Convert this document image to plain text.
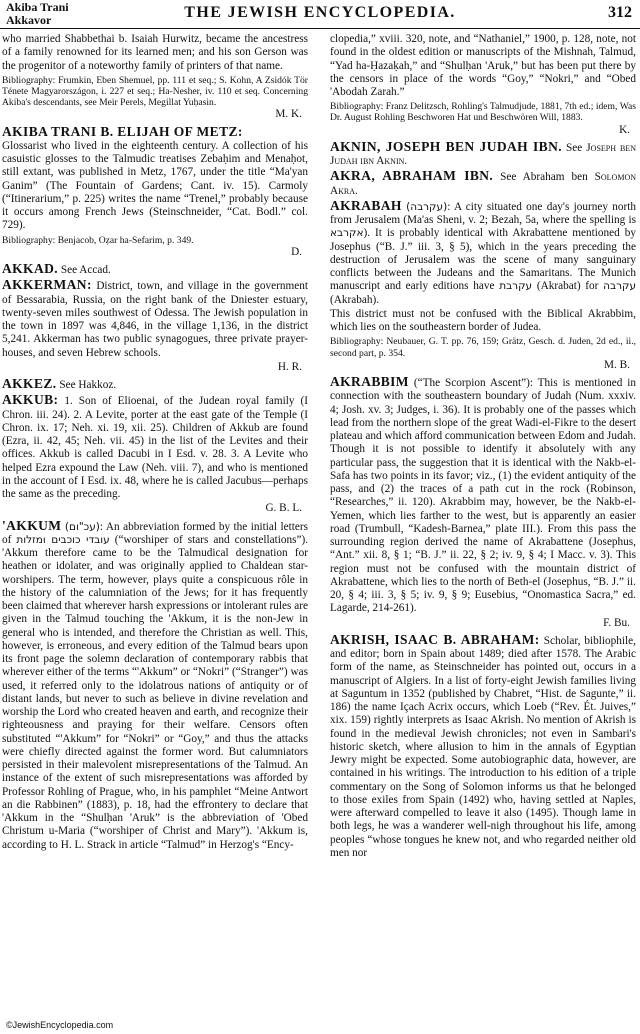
Akiba Trani
Akkavor	THE JEWISH ENCYCLOPEDIA.	312

who married Shabbethai b. Isaiah Hurwitz, became the ancestress of a family renowned for its learned men; and his son Gerson was the progenitor of a noteworthy family of printers of that name.

Bibliography: Frumkin, Eben Shemuel, pp. 111 et seq.; S. Kohn, A Zsidók Tör Ténete Magyarországon, i. 227 et seq.; Ha-Nesher, iv. 110 et seq. Concerning Akiba's descendants, see Meir Perels, Megillat Yuḥasin.

M. K.

AKIBA TRANI B. ELIJAH OF METZ:
Glossarist who lived in the eighteenth century. A collection of his casuistic glosses to the Talmudic treatises Zebaḥim and Menaḥot, still extant, was published in Metz, 1767, under the title “Ma'yan Ganim” (The Fountain of Gardens; Cant. iv. 15). Carmoly (“Itinerarium,” p. 225) writes the name “Trenel,” probably because it occurs among French Jews (Steinschneider, “Cat. Bodl.” col. 729).

Bibliography: Benjacob, Oẓar ha-Sefarim, p. 349.

D.

AKKAD. See Accad.

AKKERMAN: District, town, and village in the government of Bessarabia, Russia, on the right bank of the Dniester estuary, twenty-seven miles southwest of Odessa. The Jewish population in the town in 1897 was 4,846, in the village 1,136, in the district 5,241. Akkerman has two public synagogues, three private prayer-houses, and seven Hebrew schools.

H. R.

AKKEZ. See Hakkoz.

AKKUB: 1. Son of Elioenai, of the Judean royal family (I Chron. iii. 24). 2. A Levite, porter at the east gate of the Temple (I Chron. ix. 17; Neh. xi. 19, xii. 25). Children of Akkub are found (Ezra, ii. 42, 45; Neh. vii. 45) in the list of the Levites and their offices. Akkub is called Dacubi in I Esd. v. 28. 3. A Levite who helped Ezra expound the Law (Neh. viii. 7), and who is mentioned in the account of I Esd. ix. 48, where he is called Jacubus—perhaps the same as the preceding.

G. B. L.

'AKKUM (עכ"ום): An abbreviation formed by the initial letters of עובדי כוכבים ומזלות (“worshiper of stars and constellations”). 'Akkum therefore came to be the Talmudical designation for heathen or idolater, and was originally applied to Chaldean star-worshipers. The term, however, plays quite a conspicuous rôle in the history of the calumniation of the Jews; for it has frequently been claimed that wherever harsh expressions or intolerant rules are given in the Talmud touching the 'Akkum, it is the non-Jew in general who is intended, and therefore the Christian as well. This, however, is erroneous, and every edition of the Talmud bears upon its front page the solemn declaration of contemporary rabbis that wherever either of the terms “'Akkum” or “Nokri” (“Stranger”) was used, it referred only to the idolatrous nations of antiquity or of distant lands, but never to such as believe in divine revelation and worship the Lord who created heaven and earth, and recognize their righteousness and praying for their welfare. Censors often substituted “'Akkum” for “Nokri” or “Goy,” and thus the attacks were chiefly directed against the former word. But calumniators persisted in their malevolent misrepresentations of the Talmud. An instance of the extent of such misrepresentations was afforded by Professor Rohling of Prague, who, in his pamphlet “Meine Antwort an die Rabbinen” (1883), p. 18, had the effrontery to declare that 'Akkum in the “Shulḥan 'Aruk” is the abbreviation of 'Obed Christum u-Maria (“worshiper of Christ and Mary”). 'Akkum is, according to H. L. Strack in article “Talmud” in Herzog's “Ency-

clopedia,” xviii. 320, note, and “Nathaniel,” 1900, p. 128, note, not found in the oldest edition or manuscripts of the Mishnah, Talmud, “Yad ha-Ḥazaḳah,” and “Shulḥan 'Aruk,” but has been put there by the censors in place of the words “Goy,” “Nokri,” and “Obed 'Abodah Zarah.”

Bibliography: Franz Delitzsch, Rohling's Talmudjude, 1881, 7th ed.; idem, Was Dr. August Rohling Beschworen Hat und Beschwören Will, 1883.

K.

AKNIN, JOSEPH BEN JUDAH IBN. See Joseph ben Judah ibn Aknin.

AKRA, ABRAHAM IBN. See Abraham ben Solomon Akra.

AKRABAH (עקרבה): A city situated one day's journey north from Jerusalem (Ma'as Sheni, v. 2; Bezah, 5a, where the spelling is אקרבא). It is probably identical with Akrabattene mentioned by Josephus (“B. J.” iii. 3, § 5), which in the years preceding the destruction of Jerusalem was the scene of many sanguinary conflicts between the Judeans and the Samaritans. The Munich manuscript and early editions have עקרבת (Akrabat) for עקרבה (Akrabah).

This district must not be confused with the Biblical Akrabbim, which lies on the southeastern border of Judea.

Bibliography: Neubauer, G. T. pp. 76, 159; Grätz, Gesch. d. Juden, 2d ed., ii., second part, p. 354.

M. B.

AKRABBIM (“The Scorpion Ascent”): This is mentioned in connection with the southeastern boundary of Judah (Num. xxxiv. 4; Josh. xv. 3; Judges, i. 36). It is probably one of the passes which lead from the northern slope of the great Wadi-el-Fikre to the desert plateau and which afford communication between Edom and Judah. Though it is not possible to identify it absolutely with any particular pass, the suggestion that it is identical with the Nakb-el-Safa has two points in its favor; viz., (1) the evident antiquity of the pass, and (2) the traces of a path cut in the rock (Robinson, “Researches,” ii. 120). Akrabbim may, however, be the Nakb-el-Yemen, which lies farther to the west, but is apparently an easier road (Trumbull, “Kadesh-Barnea,” plate III.). From this pass the surrounding region derived the name of Akrabattene (Josephus, “Ant.” xii. 8, § 1; “B. J.” ii. 22, § 2; iv. 9, § 4; I Macc. v. 3). This region must not be confused with the mountain district of Akrabattene, which lies to the north of Beth-el (Josephus, “B. J.” ii. 20, § 4; iii. 3, § 5; iv. 9, § 9; Eusebius, “Onomastica Sacra,” ed. Lagarde, 214-261).

F. Bu.

AKRISH, ISAAC B. ABRAHAM: Scholar, bibliophile, and editor; born in Spain about 1489; died after 1578. The Arabic form of the name, as Steinschneider has pointed out, occurs in a manuscript of Algiers. In a list of forty-eight Jewish families living at Saguntum in 1352 (published by Chabret, “Hist. de Sagunte,” ii. 186) the name Içach Acrix occurs, which Loeb (“Rev. Ét. Juives,” xix. 159) rightly interprets as Isaac Akrish. No mention of Akrish is found in the medieval Jewish chronicles; not even in Sambari's historic sketch, where allusion to him in the annals of Egyptian Jewry might be expected. Some autobiographic data, however, are contained in his writings. The introduction to his edition of a triple commentary on the Song of Solomon informs us that he belonged to those exiles from Spain (1492) who, having settled at Naples, were afterward compelled to leave it also (1495). Though lame in both legs, he was a wanderer well-nigh throughout his life, among peoples “whose tongues he knew not, and who regarded neither old men nor

©JewishEncyclopedia.com
